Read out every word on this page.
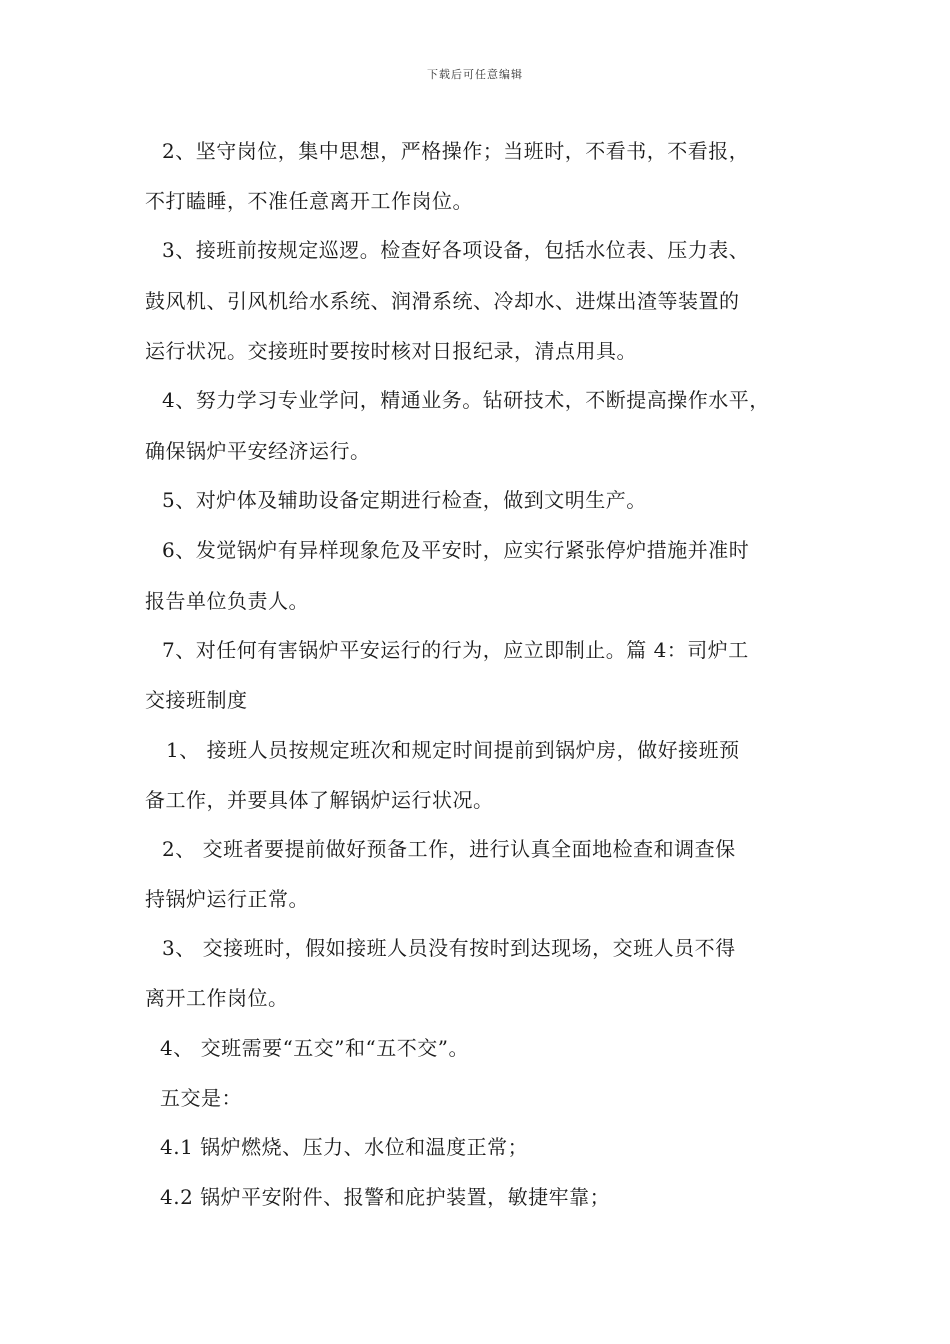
下载后可任意编辑
2、坚守岗位，集中思想，严格操作；当班时，不看书，不看报，
不打瞌睡，不准任意离开工作岗位。
3、接班前按规定巡逻。检查好各项设备，包括水位表、压力表、
鼓风机、引风机给水系统、润滑系统、冷却水、进煤出渣等装置的
运行状况。交接班时要按时核对日报纪录，清点用具。
4、努力学习专业学问，精通业务。钻研技术，不断提高操作水平，
确保锅炉平安经济运行。
5、对炉体及辅助设备定期进行检查，做到文明生产。
6、发觉锅炉有异样现象危及平安时，应实行紧张停炉措施并准时
报告单位负责人。
7、对任何有害锅炉平安运行的行为，应立即制止。篇 4：司炉工
交接班制度
1、 接班人员按规定班次和规定时间提前到锅炉房，做好接班预
备工作，并要具体了解锅炉运行状况。
2、 交班者要提前做好预备工作，进行认真全面地检查和调查保
持锅炉运行正常。
3、 交接班时，假如接班人员没有按时到达现场，交班人员不得
离开工作岗位。
4、 交班需要“五交”和“五不交”。
五交是：
4.1 锅炉燃烧、压力、水位和温度正常；
4.2 锅炉平安附件、报警和庇护装置，敏捷牢靠；
